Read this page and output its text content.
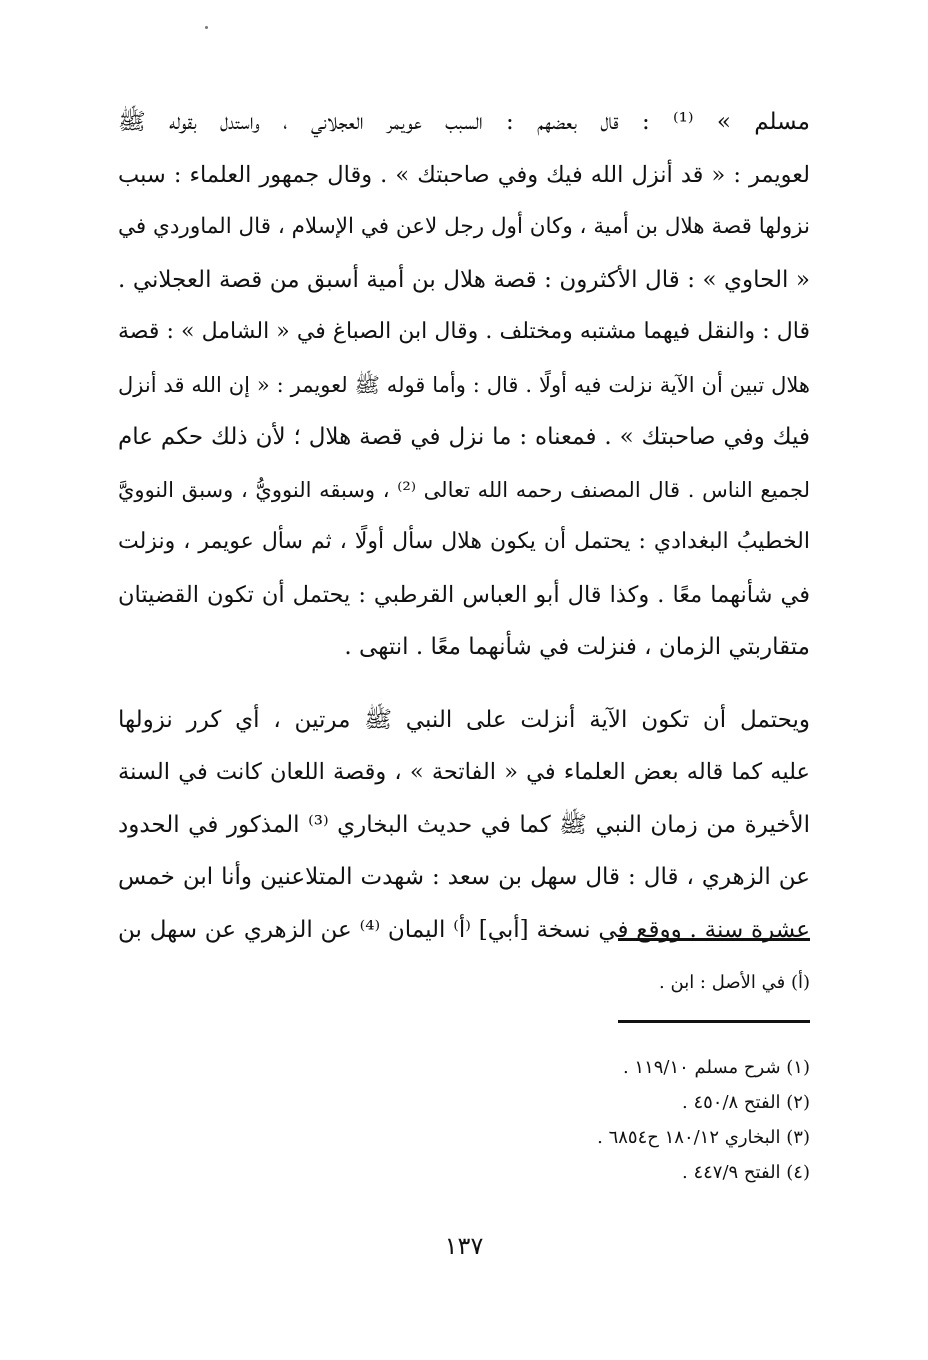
مسلم » ⁽¹⁾ : قال بعضهم : السبب عويمر العجلاني ، واستدل بقوله ﷺ
لعويمر : « قد أنزل الله فيك وفي صاحبتك » . وقال جمهور العلماء : سبب
نزولها قصة هلال بن أمية ، وكان أول رجل لاعن في الإسلام ، قال الماوردي في
« الحاوي » : قال الأكثرون : قصة هلال بن أمية أسبق من قصة العجلاني .
قال : والنقل فيهما مشتبه ومختلف . وقال ابن الصباغ في « الشامل » : قصة
هلال تبين أن الآية نزلت فيه أولًا . قال : وأما قوله ﷺ لعويمر : « إن الله قد أنزل
فيك وفي صاحبتك » . فمعناه : ما نزل في قصة هلال ؛ لأن ذلك حكم عام
لجميع الناس . قال المصنف رحمه الله تعالى ⁽²⁾ ، وسبقه النوويُّ ، وسبق النوويَّ
الخطيبُ البغدادي : يحتمل أن يكون هلال سأل أولًا ، ثم سأل عويمر ، ونزلت
في شأنهما معًا . وكذا قال أبو العباس القرطبي : يحتمل أن تكون القضيتان
متقاربتي الزمان ، فنزلت في شأنهما معًا . انتهى .
ويحتمل أن تكون الآية أنزلت على النبي ﷺ مرتين ، أي كرر نزولها
عليه كما قاله بعض العلماء في « الفاتحة » ، وقصة اللعان كانت في السنة
الأخيرة من زمان النبي ﷺ كما في حديث البخاري ⁽³⁾ المذكور في الحدود
عن الزهري ، قال : قال سهل بن سعد : شهدت المتلاعنين وأنا ابن خمس
عشرة سنة . ووقع في نسخة [أبي] ⁽أ⁾ اليمان ⁽⁴⁾ عن الزهري عن سهل بن
(أ) في الأصل : ابن .
(١) شرح مسلم ١١٩/١٠ .
(٢) الفتح ٤٥٠/٨ .
(٣) البخاري ١٨٠/١٢ ح٦٨٥٤ .
(٤) الفتح ٤٤٧/٩ .
١٣٧
